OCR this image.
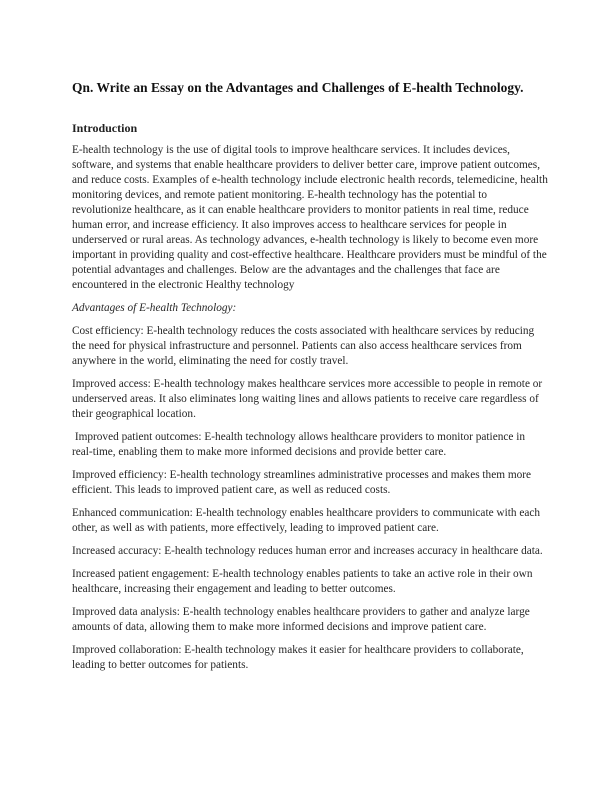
Qn. Write an Essay on the Advantages and Challenges of E-health Technology.
Introduction

E-health technology is the use of digital tools to improve healthcare services. It includes devices, software, and systems that enable healthcare providers to deliver better care, improve patient outcomes, and reduce costs. Examples of e-health technology include electronic health records, telemedicine, health monitoring devices, and remote patient monitoring. E-health technology has the potential to revolutionize healthcare, as it can enable healthcare providers to monitor patients in real time, reduce human error, and increase efficiency. It also improves access to healthcare services for people in underserved or rural areas. As technology advances, e-health technology is likely to become even more important in providing quality and cost-effective healthcare. Healthcare providers must be mindful of the potential advantages and challenges. Below are the advantages and the challenges that face are encountered in the electronic Healthy technology

Advantages of E-health Technology:

Cost efficiency: E-health technology reduces the costs associated with healthcare services by reducing the need for physical infrastructure and personnel. Patients can also access healthcare services from anywhere in the world, eliminating the need for costly travel.

Improved access: E-health technology makes healthcare services more accessible to people in remote or underserved areas. It also eliminates long waiting lines and allows patients to receive care regardless of their geographical location.

Improved patient outcomes: E-health technology allows healthcare providers to monitor patience in real-time, enabling them to make more informed decisions and provide better care.

Improved efficiency: E-health technology streamlines administrative processes and makes them more efficient. This leads to improved patient care, as well as reduced costs.

Enhanced communication: E-health technology enables healthcare providers to communicate with each other, as well as with patients, more effectively, leading to improved patient care.

Increased accuracy: E-health technology reduces human error and increases accuracy in healthcare data.

Increased patient engagement: E-health technology enables patients to take an active role in their own healthcare, increasing their engagement and leading to better outcomes.

Improved data analysis: E-health technology enables healthcare providers to gather and analyze large amounts of data, allowing them to make more informed decisions and improve patient care.

Improved collaboration: E-health technology makes it easier for healthcare providers to collaborate, leading to better outcomes for patients.
